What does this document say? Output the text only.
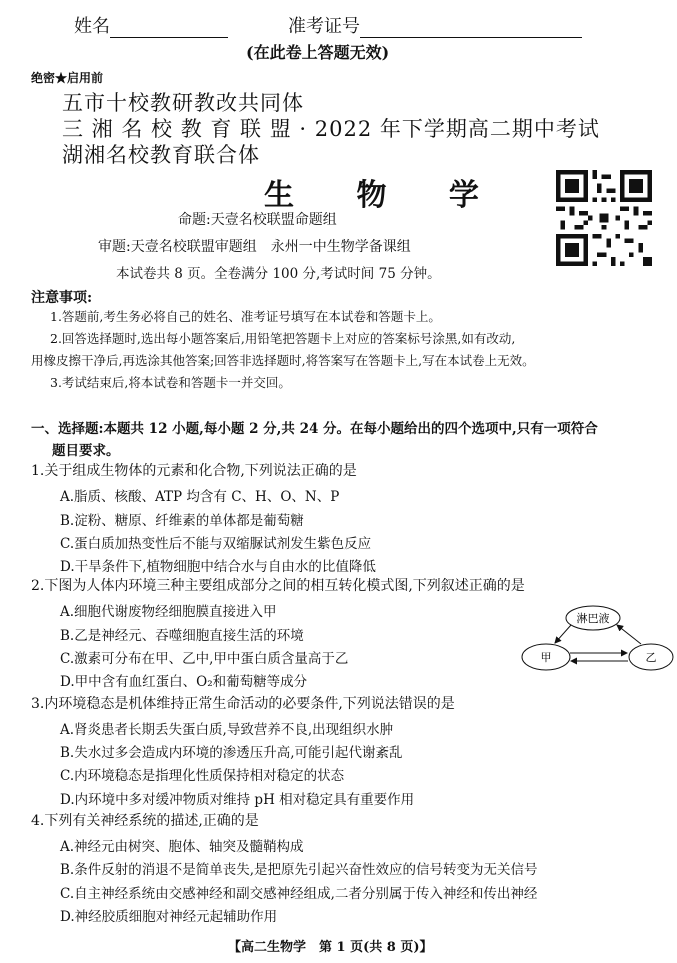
姓名	准考证号
(在此卷上答题无效)
绝密★启用前
五市十校教研教改共同体
三 湘 名 校 教 育 联 盟 · 2022 年下学期高二期中考试
湖湘名校教育联合体
生 物 学
命题:天壹名校联盟命题组
审题:天壹名校联盟审题组　永州一中生物学备课组
本试卷共 8 页。全卷满分 100 分,考试时间 75 分钟。
注意事项:
1.答题前,考生务必将自己的姓名、准考证号填写在本试卷和答题卡上。
2.回答选择题时,选出每小题答案后,用铅笔把答题卡上对应的答案标号涂黑,如有改动,
用橡皮擦干净后,再选涂其他答案;回答非选择题时,将答案写在答题卡上,写在本试卷上无效。
3.考试结束后,将本试卷和答题卡一并交回。
一、选择题:本题共 12 小题,每小题 2 分,共 24 分。在每小题给出的四个选项中,只有一项符合
题目要求。
1.关于组成生物体的元素和化合物,下列说法正确的是
A.脂质、核酸、ATP 均含有 C、H、O、N、P
B.淀粉、糖原、纤维素的单体都是葡萄糖
C.蛋白质加热变性后不能与双缩脲试剂发生紫色反应
D.干旱条件下,植物细胞中结合水与自由水的比值降低
2.下图为人体内环境三种主要组成部分之间的相互转化模式图,下列叙述正确的是
A.细胞代谢废物经细胞膜直接进入甲
B.乙是神经元、吞噬细胞直接生活的环境
C.激素可分布在甲、乙中,甲中蛋白质含量高于乙
D.甲中含有血红蛋白、O₂和葡萄糖等成分
淋巴液
甲	乙
3.内环境稳态是机体维持正常生命活动的必要条件,下列说法错误的是
A.肾炎患者长期丢失蛋白质,导致营养不良,出现组织水肿
B.失水过多会造成内环境的渗透压升高,可能引起代谢紊乱
C.内环境稳态是指理化性质保持相对稳定的状态
D.内环境中多对缓冲物质对维持 pH 相对稳定具有重要作用
4.下列有关神经系统的描述,正确的是
A.神经元由树突、胞体、轴突及髓鞘构成
B.条件反射的消退不是简单丧失,是把原先引起兴奋性效应的信号转变为无关信号
C.自主神经系统由交感神经和副交感神经组成,二者分别属于传入神经和传出神经
D.神经胶质细胞对神经元起辅助作用
【高二生物学　第 1 页(共 8 页)】
